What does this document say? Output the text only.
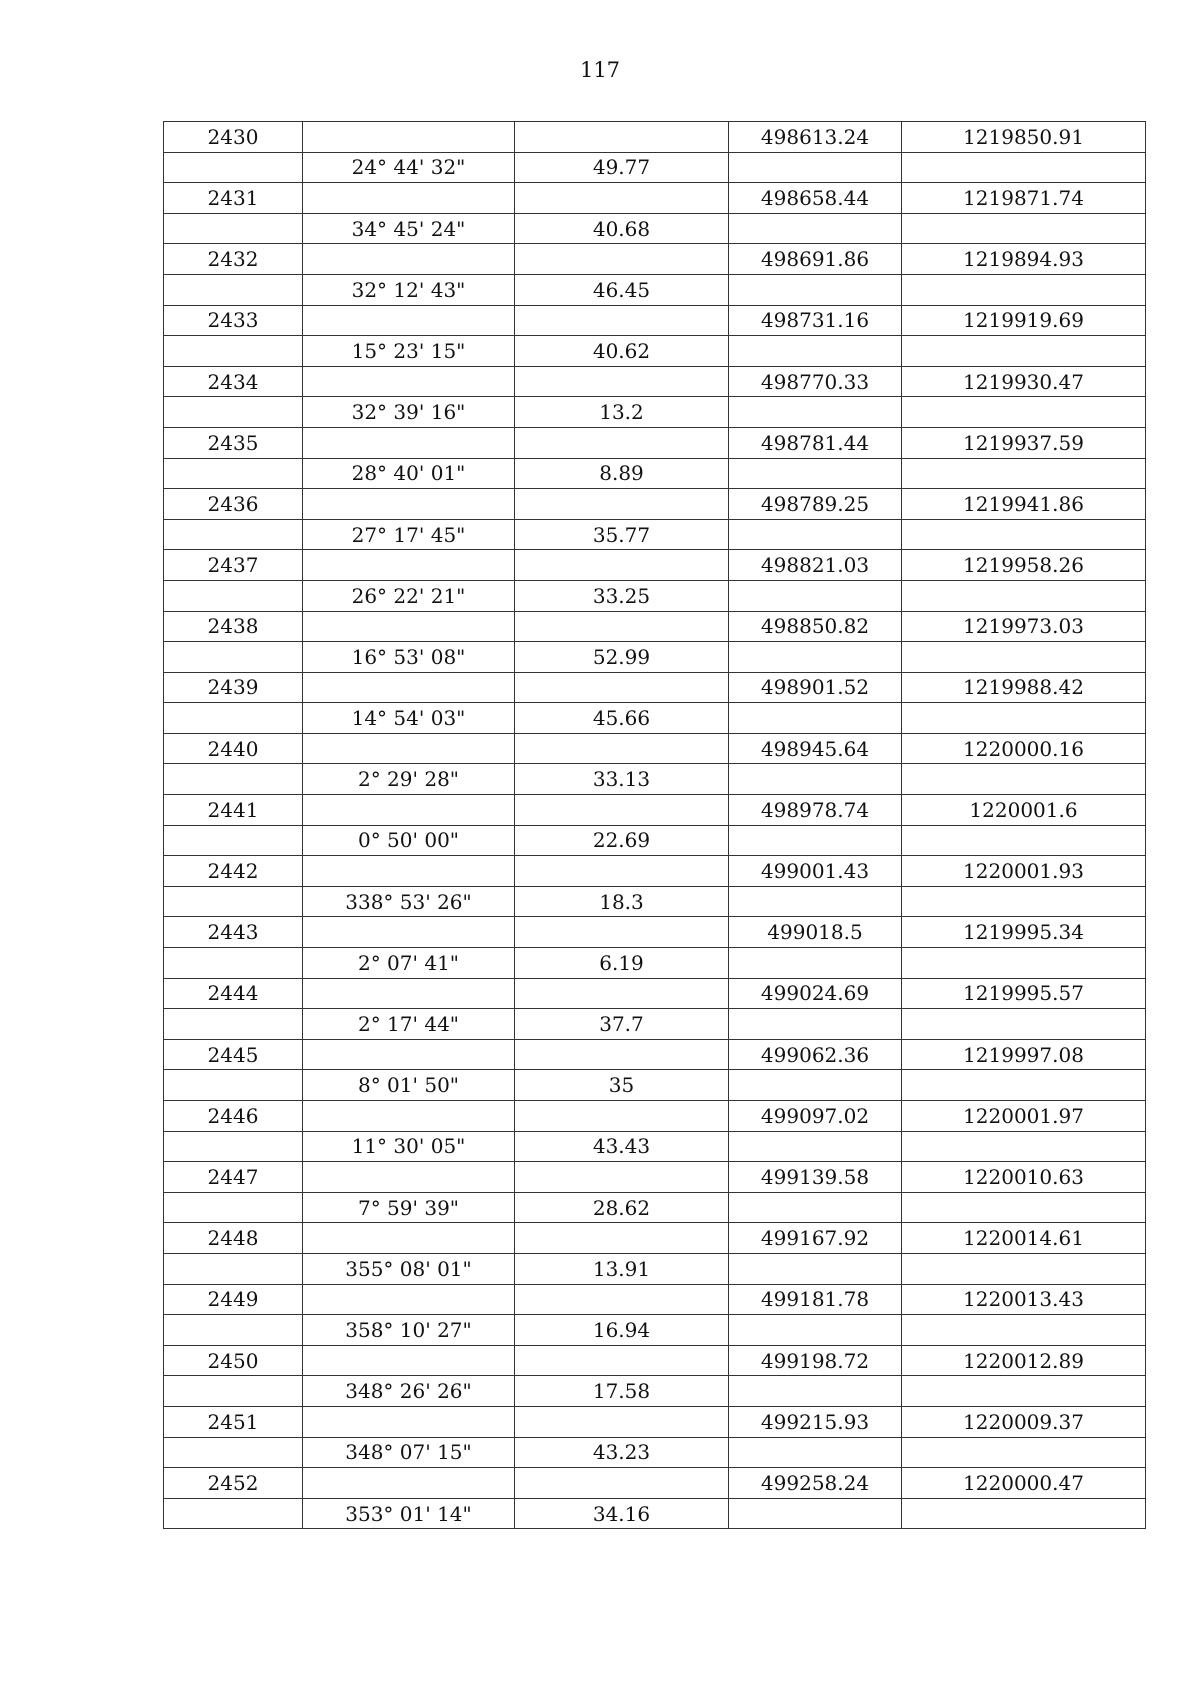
117
2430			498613.24	1219850.91
	24° 44' 32"	49.77		
2431			498658.44	1219871.74
	34° 45' 24"	40.68		
2432			498691.86	1219894.93
	32° 12' 43"	46.45		
2433			498731.16	1219919.69
	15° 23' 15"	40.62		
2434			498770.33	1219930.47
	32° 39' 16"	13.2		
2435			498781.44	1219937.59
	28° 40' 01"	8.89		
2436			498789.25	1219941.86
	27° 17' 45"	35.77		
2437			498821.03	1219958.26
	26° 22' 21"	33.25		
2438			498850.82	1219973.03
	16° 53' 08"	52.99		
2439			498901.52	1219988.42
	14° 54' 03"	45.66		
2440			498945.64	1220000.16
	2° 29' 28"	33.13		
2441			498978.74	1220001.6
	0° 50' 00"	22.69		
2442			499001.43	1220001.93
	338° 53' 26"	18.3		
2443			499018.5	1219995.34
	2° 07' 41"	6.19		
2444			499024.69	1219995.57
	2° 17' 44"	37.7		
2445			499062.36	1219997.08
	8° 01' 50"	35		
2446			499097.02	1220001.97
	11° 30' 05"	43.43		
2447			499139.58	1220010.63
	7° 59' 39"	28.62		
2448			499167.92	1220014.61
	355° 08' 01"	13.91		
2449			499181.78	1220013.43
	358° 10' 27"	16.94		
2450			499198.72	1220012.89
	348° 26' 26"	17.58		
2451			499215.93	1220009.37
	348° 07' 15"	43.23		
2452			499258.24	1220000.47
	353° 01' 14"	34.16		
